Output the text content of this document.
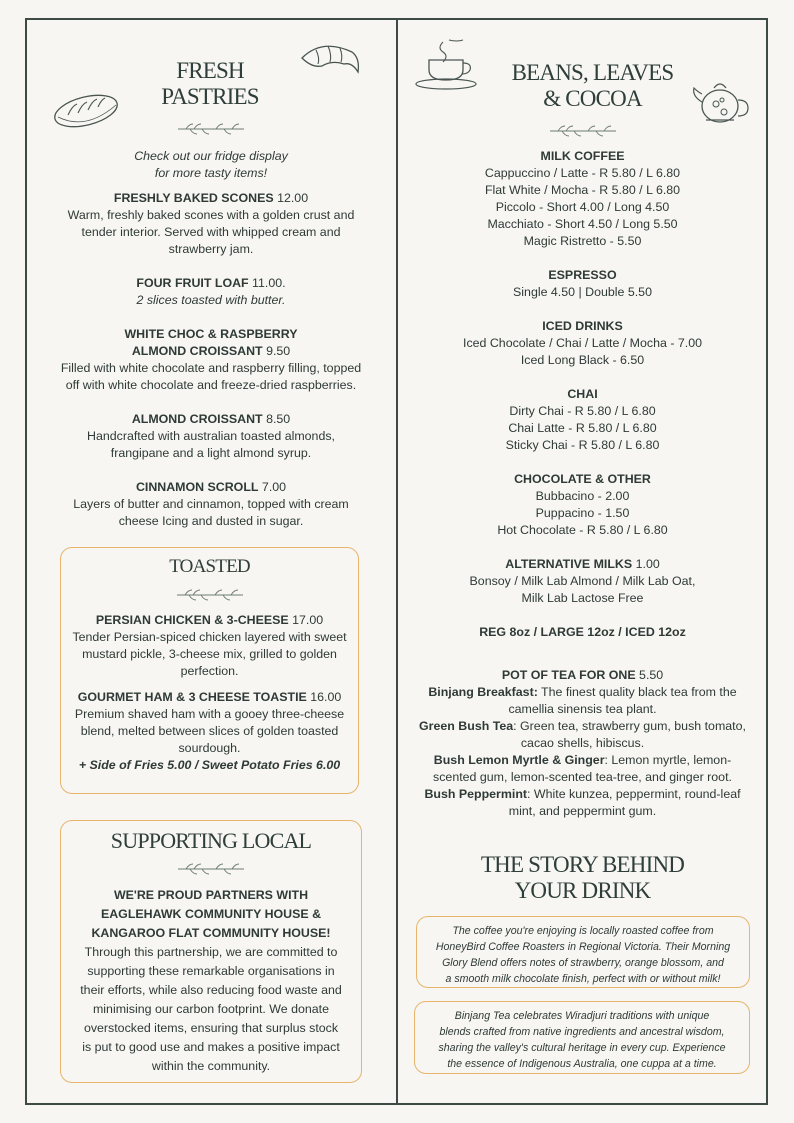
FRESH
PASTRIES
Check out our fridge display
for more tasty items!
FRESHLY BAKED SCONES 12.00
Warm, freshly baked scones with a golden crust and
tender interior. Served with whipped cream and
strawberry jam.
FOUR FRUIT LOAF 11.00.
2 slices toasted with butter.
WHITE CHOC & RASPBERRY
ALMOND CROISSANT 9.50
Filled with white chocolate and raspberry filling, topped
off with white chocolate and freeze-dried raspberries.
ALMOND CROISSANT 8.50
Handcrafted with australian toasted almonds,
frangipane and a light almond syrup.
CINNAMON SCROLL 7.00
Layers of butter and cinnamon, topped with cream
cheese Icing and dusted in sugar.
TOASTED
PERSIAN CHICKEN & 3-CHEESE 17.00
Tender Persian-spiced chicken layered with sweet
mustard pickle, 3-cheese mix, grilled to golden
perfection.
GOURMET HAM & 3 CHEESE TOASTIE 16.00
Premium shaved ham with a gooey three-cheese
blend, melted between slices of golden toasted
sourdough.
+ Side of Fries 5.00 / Sweet Potato Fries 6.00
SUPPORTING LOCAL
WE'RE PROUD PARTNERS WITH
EAGLEHAWK COMMUNITY HOUSE &
KANGAROO FLAT COMMUNITY HOUSE!
Through this partnership, we are committed to
supporting these remarkable organisations in
their efforts, while also reducing food waste and
minimising our carbon footprint. We donate
overstocked items, ensuring that surplus stock
is put to good use and makes a positive impact
within the community.
BEANS, LEAVES
& COCOA
MILK COFFEE
Cappuccino / Latte - R 5.80 / L 6.80
Flat White / Mocha - R 5.80 / L 6.80
Piccolo - Short 4.00 / Long 4.50
Macchiato - Short 4.50 / Long 5.50
Magic Ristretto - 5.50
ESPRESSO
Single 4.50 | Double 5.50
ICED DRINKS
Iced Chocolate / Chai / Latte / Mocha - 7.00
Iced Long Black - 6.50
CHAI
Dirty Chai - R 5.80 / L 6.80
Chai Latte - R 5.80 / L 6.80
Sticky Chai - R 5.80 / L 6.80
CHOCOLATE & OTHER
Bubbacino - 2.00
Puppacino - 1.50
Hot Chocolate - R 5.80 / L 6.80
ALTERNATIVE MILKS 1.00
Bonsoy / Milk Lab Almond / Milk Lab Oat,
Milk Lab Lactose Free
REG 8oz / LARGE 12oz / ICED 12oz
POT OF TEA FOR ONE 5.50
Binjang Breakfast: The finest quality black tea from the
camellia sinensis tea plant.
Green Bush Tea: Green tea, strawberry gum, bush tomato,
cacao shells, hibiscus.
Bush Lemon Myrtle & Ginger: Lemon myrtle, lemon-
scented gum, lemon-scented tea-tree, and ginger root.
Bush Peppermint: White kunzea, peppermint, round-leaf
mint, and peppermint gum.
THE STORY BEHIND
YOUR DRINK
The coffee you're enjoying is locally roasted coffee from
HoneyBird Coffee Roasters in Regional Victoria. Their Morning
Glory Blend offers notes of strawberry, orange blossom, and
a smooth milk chocolate finish, perfect with or without milk!
Binjang Tea celebrates Wiradjuri traditions with unique
blends crafted from native ingredients and ancestral wisdom,
sharing the valley's cultural heritage in every cup. Experience
the essence of Indigenous Australia, one cuppa at a time.
